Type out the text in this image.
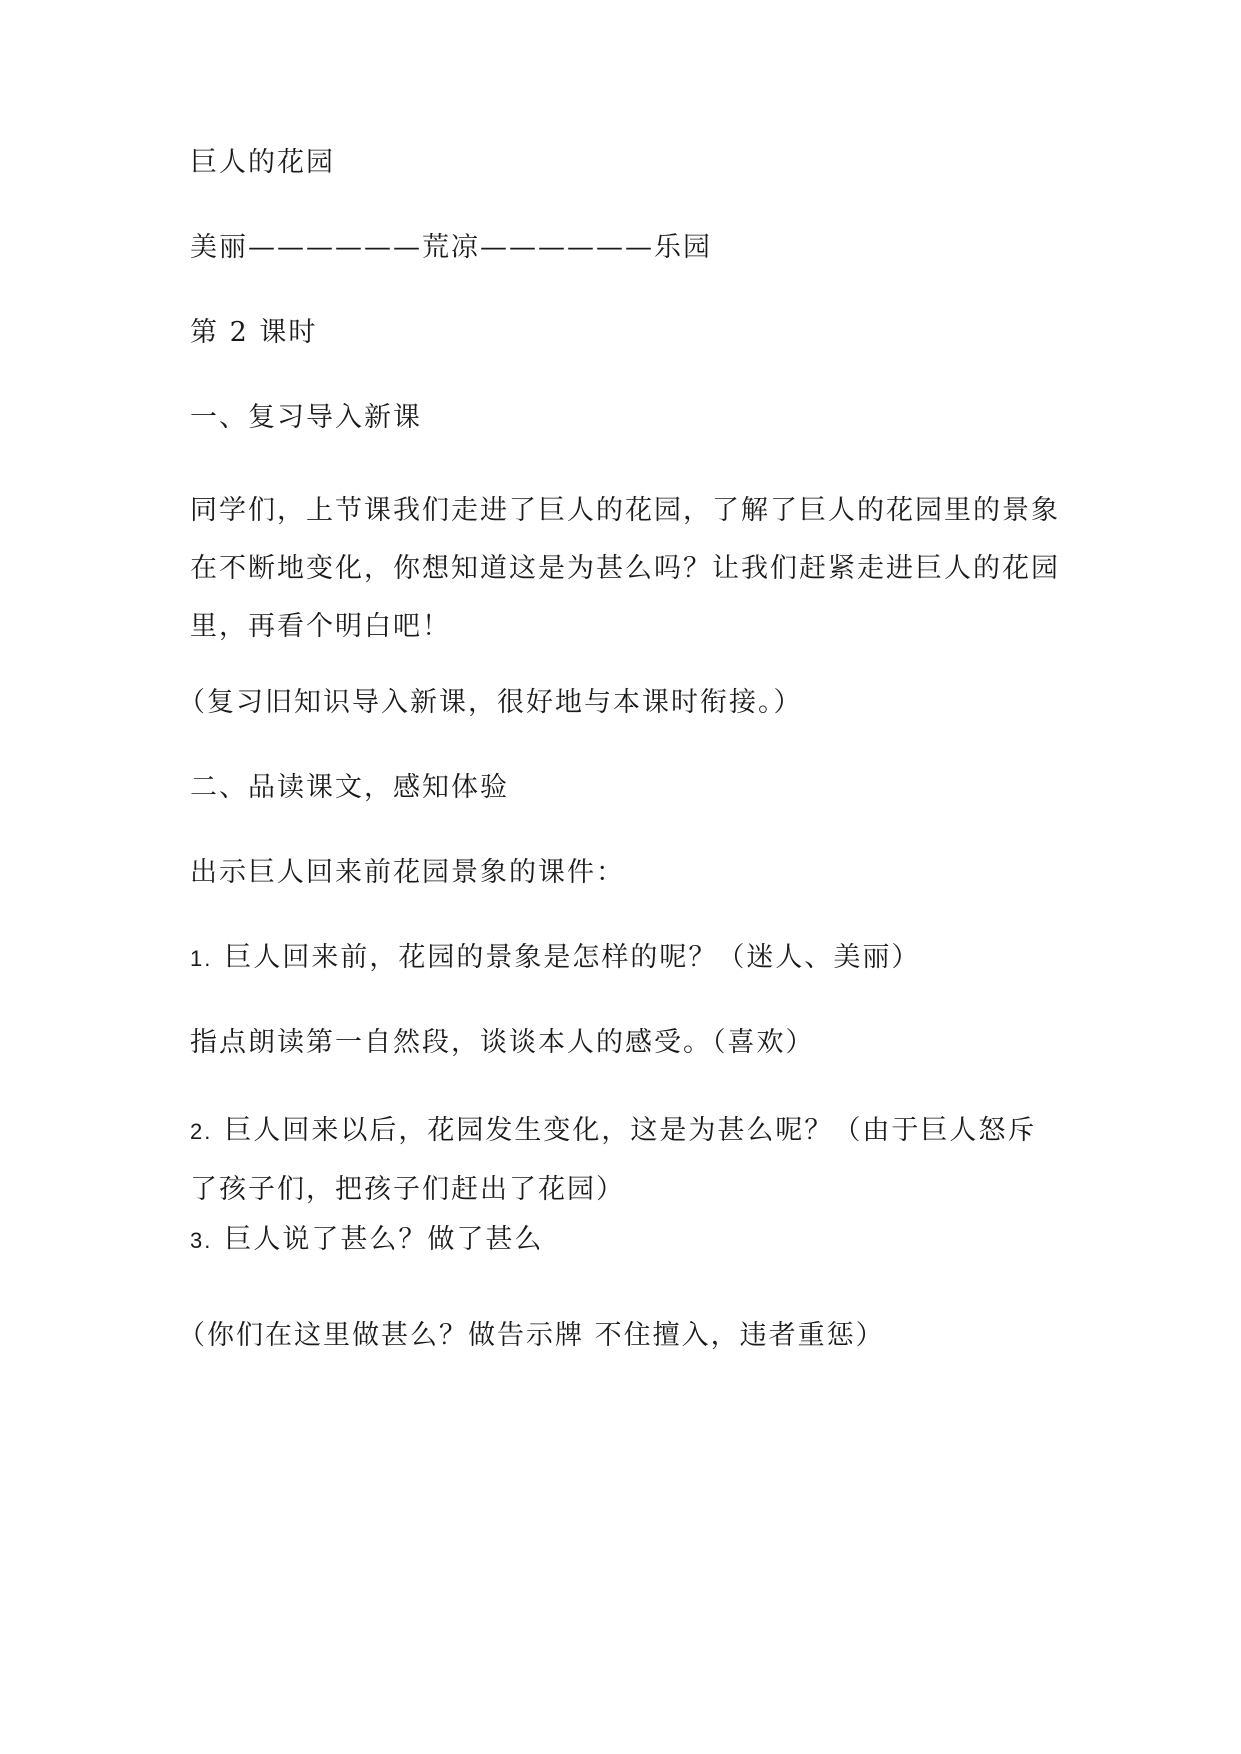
巨人的花园
美丽——————荒凉——————乐园
第 2 课时
一、复习导入新课
同学们，上节课我们走进了巨人的花园，了解了巨人的花园里的景象在不断地变化，你想知道这是为甚么吗？让我们赶紧走进巨人的花园里，再看个明白吧！
（复习旧知识导入新课，很好地与本课时衔接。）
二、品读课文，感知体验
出示巨人回来前花园景象的课件：
1. 巨人回来前，花园的景象是怎样的呢？（迷人、美丽）
指点朗读第一自然段，谈谈本人的感受。（喜欢）
2. 巨人回来以后，花园发生变化，这是为甚么呢？（由于巨人怒斥了孩子们，把孩子们赶出了花园）
3. 巨人说了甚么？做了甚么
（你们在这里做甚么？做告示牌 不住擅入，违者重惩）
